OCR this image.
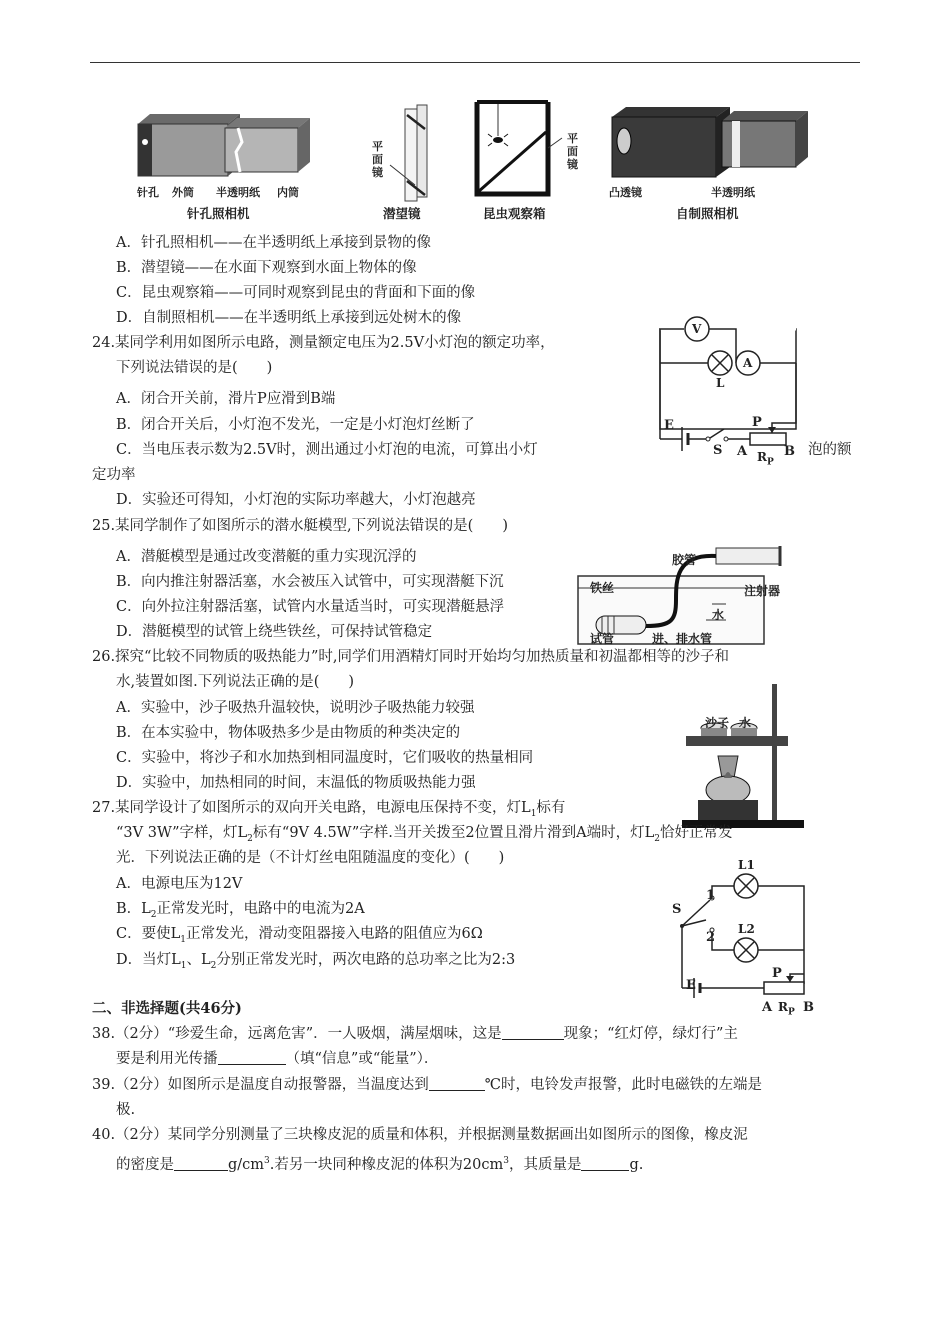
针孔 外筒 半透明纸 内筒
针孔照相机
平面镜
潜望镜
平面镜
昆虫观察箱
凸透镜	半透明纸
自制照相机
A．针孔照相机——在半透明纸上承接到景物的像
B．潜望镜——在水面下观察到水面上物体的像
C．昆虫观察箱——可同时观察到昆虫的背面和下面的像
D．自制照相机——在半透明纸上承接到远处树木的像
24.某同学利用如图所示电路，测量额定电压为2.5V小灯泡的额定功率，
下列说法错误的是(　　)
A．闭合开关前，滑片P应滑到B端
B．闭合开关后，小灯泡不发光，一定是小灯泡灯丝断了
C．当电压表示数为2.5V时，测出通过小灯泡的电流，可算出小灯	泡的额
定功率
D．实验还可得知，小灯泡的实际功率越大，小灯泡越亮
V
A
L
E
S
P
A	B
$R_P$
25.某同学制作了如图所示的潜水艇模型,下列说法错误的是(　　)
A．潜艇模型是通过改变潜艇的重力实现沉浮的
B．向内推注射器活塞，水会被压入试管中，可实现潜艇下沉
C．向外拉注射器活塞，试管内水量适当时，可实现潜艇悬浮
D．潜艇模型的试管上绕些铁丝，可保持试管稳定
胶管
注射器
铁丝
水
试管	进、排水管
26.探究“比较不同物质的吸热能力”时,同学们用酒精灯同时开始均匀加热质量和初温都相等的沙子和
水,装置如图.下列说法正确的是(　　)
A．实验中，沙子吸热升温较快，说明沙子吸热能力较强
B．在本实验中，物体吸热多少是由物质的种类决定的
C．实验中，将沙子和水加热到相同温度时，它们吸收的热量相同
D．实验中，加热相同的时间，末温低的物质吸热能力强
沙子 水
27.某同学设计了如图所示的双向开关电路，电源电压保持不变，灯$L_1$标有
“3V 3W”字样，灯$L_2$标有“9V 4.5W”字样.当开关拨至2位置且滑片滑到A端时，灯$L_2$恰好正常发
光．下列说法正确的是（不计灯丝电阻随温度的变化）(　　)
A．电源电压为12V
B．$L_2$正常发光时，电路中的电流为2A
C．要使$L_1$正常发光，滑动变阻器接入电路的阻值应为6Ω
D．当灯$L_1$、$L_2$分别正常发光时，两次电路的总功率之比为2:3
S
1
2
L1
L2
E
P
A $R_P$ B
二、非选择题(共46分)
38.（2分）“珍爱生命，远离危害”．一人吸烟，满屋烟味，这是	现象；“红灯停，绿灯行”主
要是利用光传播	（填“信息”或“能量”）．
39.（2分）如图所示是温度自动报警器，当温度达到	℃时，电铃发声报警，此时电磁铁的左端是
极.
40.（2分）某同学分别测量了三块橡皮泥的质量和体积，并根据测量数据画出如图所示的图像，橡皮泥
的密度是	$g/cm^3$.若另一块同种橡皮泥的体积为$20cm^3$，其质量是	g.
